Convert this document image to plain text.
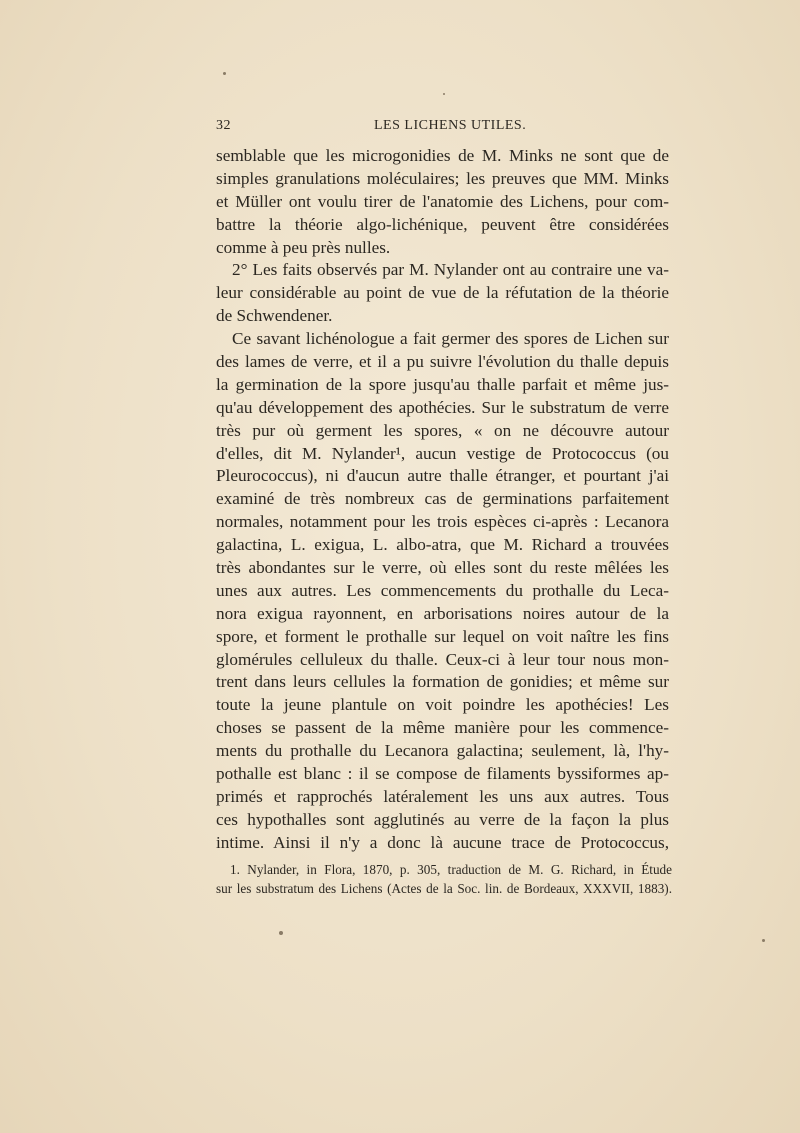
32	LES LICHENS UTILES.
semblable que les microgonidies de M. Minks ne sont que de
simples granulations moléculaires; les preuves que MM. Minks
et Müller ont voulu tirer de l'anatomie des Lichens, pour com-
battre la théorie algo-lichénique, peuvent être considérées
comme à peu près nulles.
2° Les faits observés par M. Nylander ont au contraire une va-
leur considérable au point de vue de la réfutation de la théorie
de Schwendener.
Ce savant lichénologue a fait germer des spores de Lichen sur
des lames de verre, et il a pu suivre l'évolution du thalle depuis
la germination de la spore jusqu'au thalle parfait et même jus-
qu'au développement des apothécies. Sur le substratum de verre
très pur où germent les spores, « on ne découvre autour
d'elles, dit M. Nylander¹, aucun vestige de Protococcus (ou
Pleurococcus), ni d'aucun autre thalle étranger, et pourtant j'ai
examiné de très nombreux cas de germinations parfaitement
normales, notamment pour les trois espèces ci-après : Lecanora
galactina, L. exigua, L. albo-atra, que M. Richard a trouvées
très abondantes sur le verre, où elles sont du reste mêlées les
unes aux autres. Les commencements du prothalle du Leca-
nora exigua rayonnent, en arborisations noires autour de la
spore, et forment le prothalle sur lequel on voit naître les fins
glomérules celluleux du thalle. Ceux-ci à leur tour nous mon-
trent dans leurs cellules la formation de gonidies; et même sur
toute la jeune plantule on voit poindre les apothécies! Les
choses se passent de la même manière pour les commence-
ments du prothalle du Lecanora galactina; seulement, là, l'hy-
pothalle est blanc : il se compose de filaments byssiformes ap-
primés et rapprochés latéralement les uns aux autres. Tous
ces hypothalles sont agglutinés au verre de la façon la plus
intime. Ainsi il n'y a donc là aucune trace de Protococcus,
1. Nylander, in Flora, 1870, p. 305, traduction de M. G. Richard, in Étude
sur les substratum des Lichens (Actes de la Soc. lin. de Bordeaux, XXXVII, 1883).
